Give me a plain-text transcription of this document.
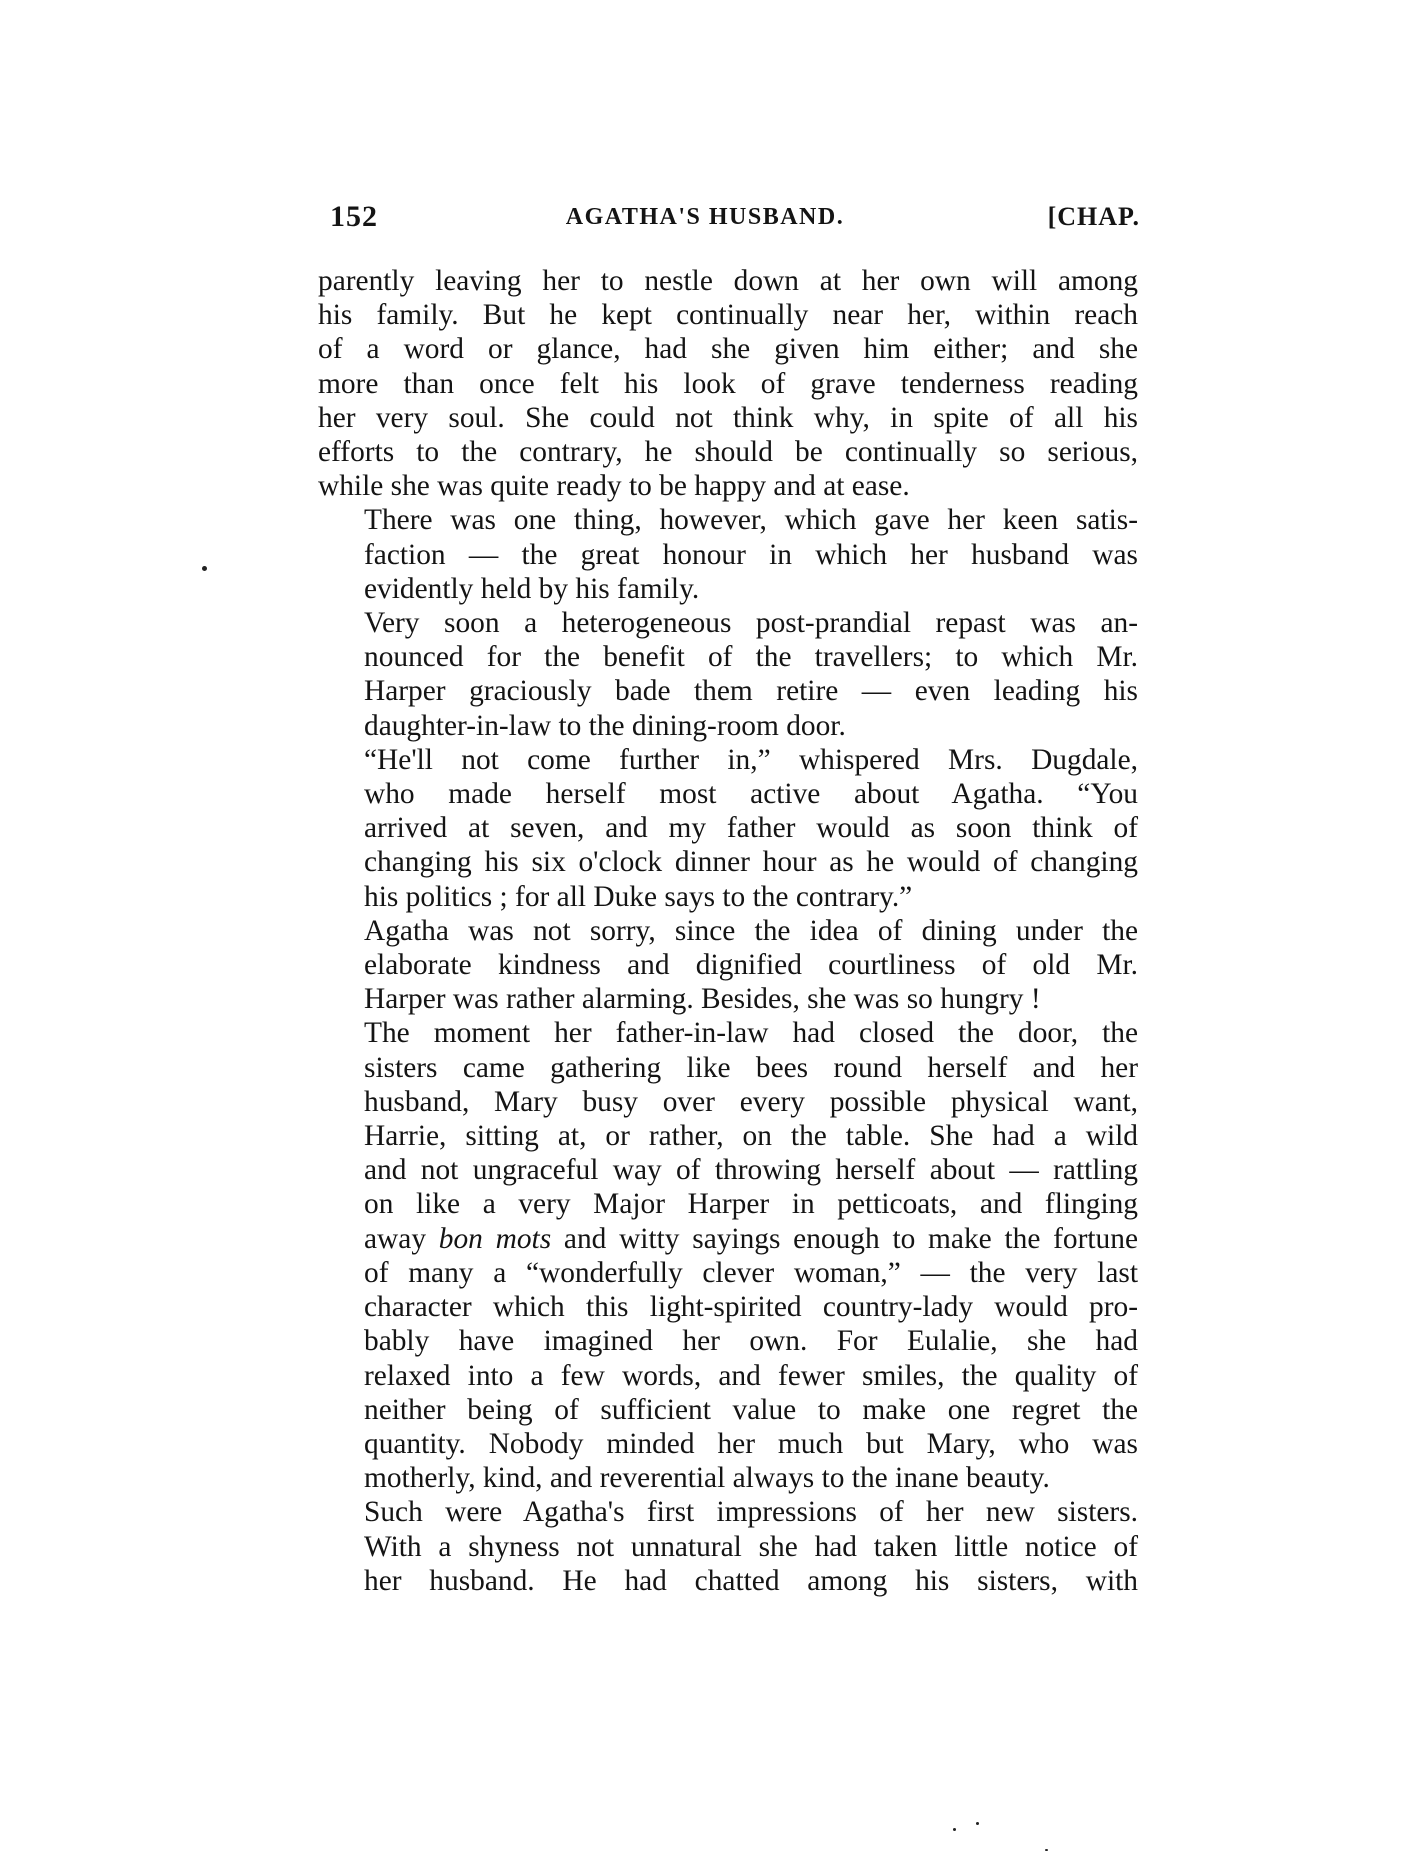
152	AGATHA'S HUSBAND.	[CHAP.
parently leaving her to nestle down at her own will among
his family. But he kept continually near her, within reach
of a word or glance, had she given him either; and she
more than once felt his look of grave tenderness reading
her very soul. She could not think why, in spite of all his
efforts to the contrary, he should be continually so serious,
while she was quite ready to be happy and at ease.
There was one thing, however, which gave her keen satis-
faction — the great honour in which her husband was
evidently held by his family.
Very soon a heterogeneous post-prandial repast was an-
nounced for the benefit of the travellers; to which Mr.
Harper graciously bade them retire — even leading his
daughter-in-law to the dining-room door.
“He'll not come further in,” whispered Mrs. Dugdale,
who made herself most active about Agatha. “You
arrived at seven, and my father would as soon think of
changing his six o'clock dinner hour as he would of changing
his politics ; for all Duke says to the contrary.”
Agatha was not sorry, since the idea of dining under the
elaborate kindness and dignified courtliness of old Mr.
Harper was rather alarming. Besides, she was so hungry !
The moment her father-in-law had closed the door, the
sisters came gathering like bees round herself and her
husband, Mary busy over every possible physical want,
Harrie, sitting at, or rather, on the table. She had a wild
and not ungraceful way of throwing herself about — rattling
on like a very Major Harper in petticoats, and flinging
away bon mots and witty sayings enough to make the fortune
of many a “wonderfully clever woman,” — the very last
character which this light-spirited country-lady would pro-
bably have imagined her own. For Eulalie, she had
relaxed into a few words, and fewer smiles, the quality of
neither being of sufficient value to make one regret the
quantity. Nobody minded her much but Mary, who was
motherly, kind, and reverential always to the inane beauty.
Such were Agatha's first impressions of her new sisters.
With a shyness not unnatural she had taken little notice of
her husband. He had chatted among his sisters, with
